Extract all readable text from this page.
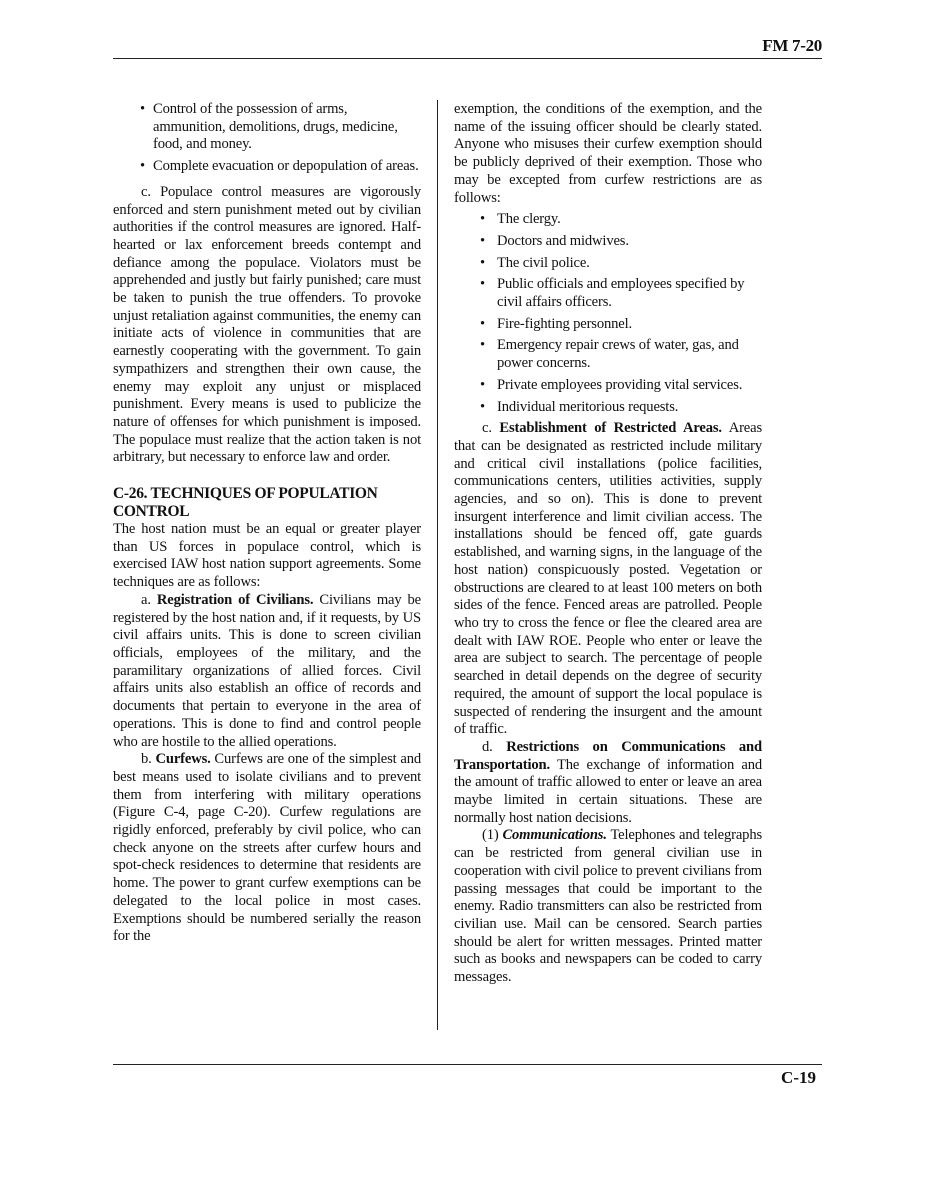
FM 7-20
• Control of the possession of arms, ammunition, demolitions, drugs, medicine, food, and money.
• Complete evacuation or depopulation of areas.

c. Populace control measures are vigorously enforced and stern punishment meted out by civilian authorities if the control measures are ignored. Half-hearted or lax enforcement breeds contempt and defiance among the populace. Violators must be apprehended and justly but fairly punished; care must be taken to punish the true offenders. To provoke unjust retaliation against communities, the enemy can initiate acts of violence in communities that are earnestly cooperating with the government. To gain sympathizers and strengthen their own cause, the enemy may exploit any unjust or misplaced punishment. Every means is used to publicize the nature of offenses for which punishment is imposed. The populace must realize that the action taken is not arbitrary, but necessary to enforce law and order.

C-26. TECHNIQUES OF POPULATION CONTROL

The host nation must be an equal or greater player than US forces in populace control, which is exercised IAW host nation support agreements. Some techniques are as follows:

a. Registration of Civilians. Civilians may be registered by the host nation and, if it requests, by US civil affairs units. This is done to screen civilian officials, employees of the military, and the paramilitary organizations of allied forces. Civil affairs units also establish an office of records and documents that pertain to everyone in the area of operations. This is done to find and control people who are hostile to the allied operations.

b. Curfews. Curfews are one of the simplest and best means used to isolate civilians and to prevent them from interfering with military operations (Figure C-4, page C-20). Curfew regulations are rigidly enforced, preferably by civil police, who can check anyone on the streets after curfew hours and spot-check residences to determine that residents are home. The power to grant curfew exemptions can be delegated to the local police in most cases. Exemptions should be numbered serially the reason for the

exemption, the conditions of the exemption, and the name of the issuing officer should be clearly stated. Anyone who misuses their curfew exemption should be publicly deprived of their exemption. Those who may be excepted from curfew restrictions are as follows:

• The clergy.
• Doctors and midwives.
• The civil police.
• Public officials and employees specified by civil affairs officers.
• Fire-fighting personnel.
• Emergency repair crews of water, gas, and power concerns.
• Private employees providing vital services.
• Individual meritorious requests.

c. Establishment of Restricted Areas. Areas that can be designated as restricted include military and critical civil installations (police facilities, communications centers, utilities activities, supply agencies, and so on). This is done to prevent insurgent interference and limit civilian access. The installations should be fenced off, gate guards established, and warning signs, in the language of the host nation) conspicuously posted. Vegetation or obstructions are cleared to at least 100 meters on both sides of the fence. Fenced areas are patrolled. People who try to cross the fence or flee the cleared area are dealt with IAW ROE. People who enter or leave the area are subject to search. The percentage of people searched in detail depends on the degree of security required, the amount of support the local populace is suspected of rendering the insurgent and the amount of traffic.

d. Restrictions on Communications and Transportation. The exchange of information and the amount of traffic allowed to enter or leave an area maybe limited in certain situations. These are normally host nation decisions.

(1) Communications. Telephones and telegraphs can be restricted from general civilian use in cooperation with civil police to prevent civilians from passing messages that could be important to the enemy. Radio transmitters can also be restricted from civilian use. Mail can be censored. Search parties should be alert for written messages. Printed matter such as books and newspapers can be coded to carry messages.

C-19
